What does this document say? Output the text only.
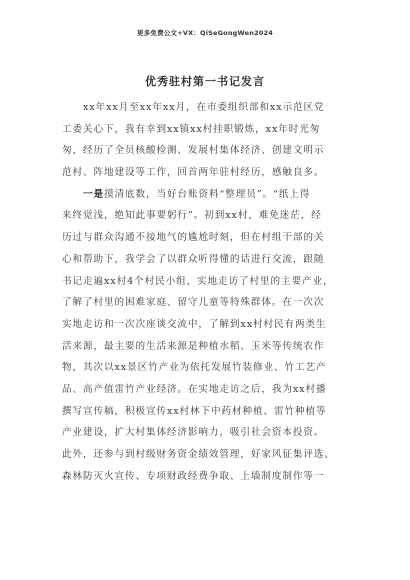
更多免费公文+VX：QiSeGongWen2024
优秀驻村第一书记发言
xx年xx月至xx年xx月，在市委组织部和xx示范区党
工委关心下，我有幸到xx镇xx村挂职锻炼，xx年时光匆
匆，经历了全员核酸检测、发展村集体经济、创建文明示
范村、阵地建设等工作，回首两年驻村经历，感触良多。
一是摸清底数，当好台账资料“整理员”。“纸上得
来终觉浅，绝知此事要躬行”。初到xx村，难免迷茫，经
历过与群众沟通不接地气的尴尬时刻，但在村组干部的关
心和帮助下，我学会了以群众听得懂的话进行交流，跟随
书记走遍xx村4个村民小组，实地走访了村里的主要产业，
了解了村里的困难家庭、留守儿童等特殊群体。在一次次
实地走访和一次次座谈交流中，了解到xx村村民有两类生
活来源，最主要的生活来源是种植水稻、玉米等传统农作
物，其次以xx景区竹产业为依托发展竹装修业、竹工艺产
品、高产值雷竹产业经济。在实地走访之后，我为xx村播
撰写宣传稿，积极宣传xx村林下中药材种植、雷竹种植等
产业建设，扩大村集体经济影响力，吸引社会资本投资。
此外，还参与到村级财务资金绩效管理，好家风征集评选、
森林防灭火宣传、专项财政经费争取、上墙制度制作等一
